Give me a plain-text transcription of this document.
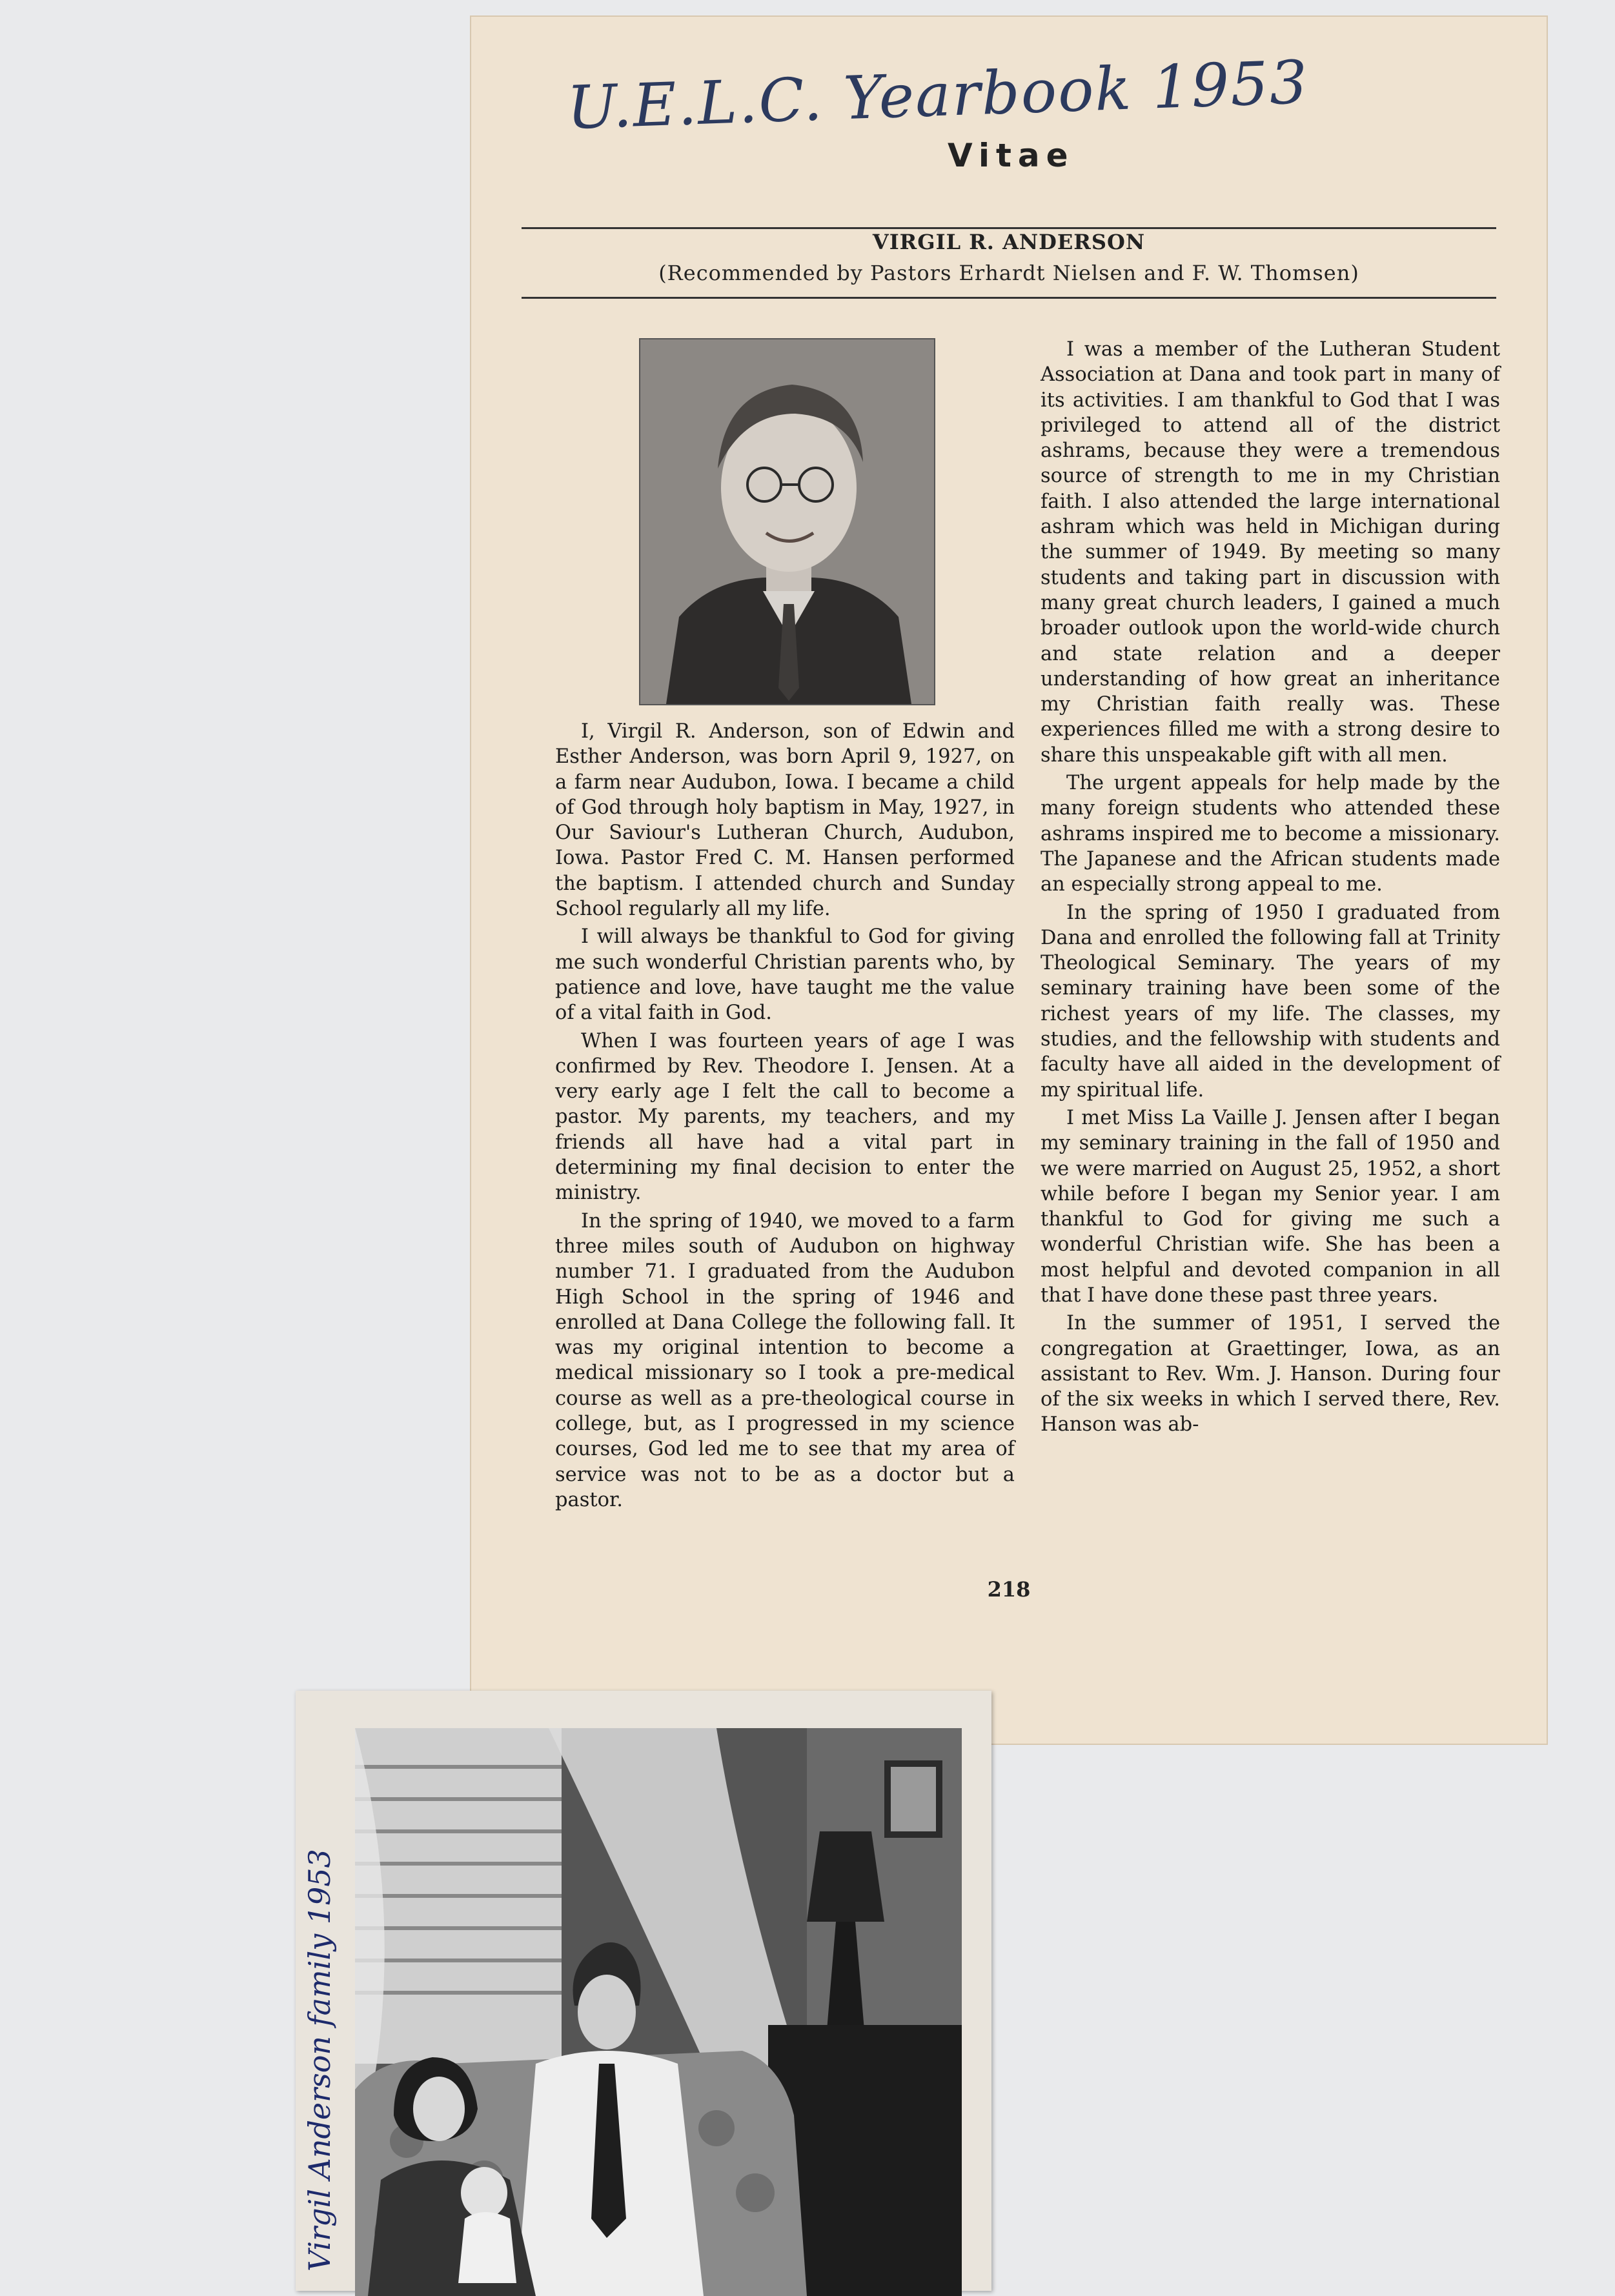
U.E.L.C. Yearbook 1953
Vitae
VIRGIL R. ANDERSON
(Recommended by Pastors Erhardt Nielsen and F. W. Thomsen)

I, Virgil R. Anderson, son of Edwin and Esther Anderson, was born April 9, 1927, on a farm near Audubon, Iowa. I became a child of God through holy baptism in May, 1927, in Our Saviour's Lutheran Church, Audubon, Iowa. Pastor Fred C. M. Hansen performed the baptism. I attended church and Sunday School regularly all my life.

I will always be thankful to God for giving me such wonderful Christian parents who, by patience and love, have taught me the value of a vital faith in God.

When I was fourteen years of age I was confirmed by Rev. Theodore I. Jensen. At a very early age I felt the call to become a pastor. My parents, my teachers, and my friends all have had a vital part in determining my final decision to enter the ministry.

In the spring of 1940, we moved to a farm three miles south of Audubon on highway number 71. I graduated from the Audubon High School in the spring of 1946 and enrolled at Dana College the following fall. It was my original intention to become a medical missionary so I took a pre-medical course as well as a pre-theological course in college, but, as I progressed in my science courses, God led me to see that my area of service was not to be as a doctor but a pastor.

I was a member of the Lutheran Student Association at Dana and took part in many of its activities. I am thankful to God that I was privileged to attend all of the district ashrams, because they were a tremendous source of strength to me in my Christian faith. I also attended the large international ashram which was held in Michigan during the summer of 1949. By meeting so many students and taking part in discussion with many great church leaders, I gained a much broader outlook upon the world-wide church and state relation and a deeper understanding of how great an inheritance my Christian faith really was. These experiences filled me with a strong desire to share this unspeakable gift with all men.

The urgent appeals for help made by the many foreign students who attended these ashrams inspired me to become a missionary. The Japanese and the African students made an especially strong appeal to me.

In the spring of 1950 I graduated from Dana and enrolled the following fall at Trinity Theological Seminary. The years of my seminary training have been some of the richest years of my life. The classes, my studies, and the fellowship with students and faculty have all aided in the development of my spiritual life.

I met Miss La Vaille J. Jensen after I began my seminary training in the fall of 1950 and we were married on August 25, 1952, a short while before I began my Senior year. I am thankful to God for giving me such a wonderful Christian wife. She has been a most helpful and devoted companion in all that I have done these past three years.

In the summer of 1951, I served the congregation at Graettinger, Iowa, as an assistant to Rev. Wm. J. Hanson. During four of the six weeks in which I served there, Rev. Hanson was ab-

218
Virgil Anderson family 1953
